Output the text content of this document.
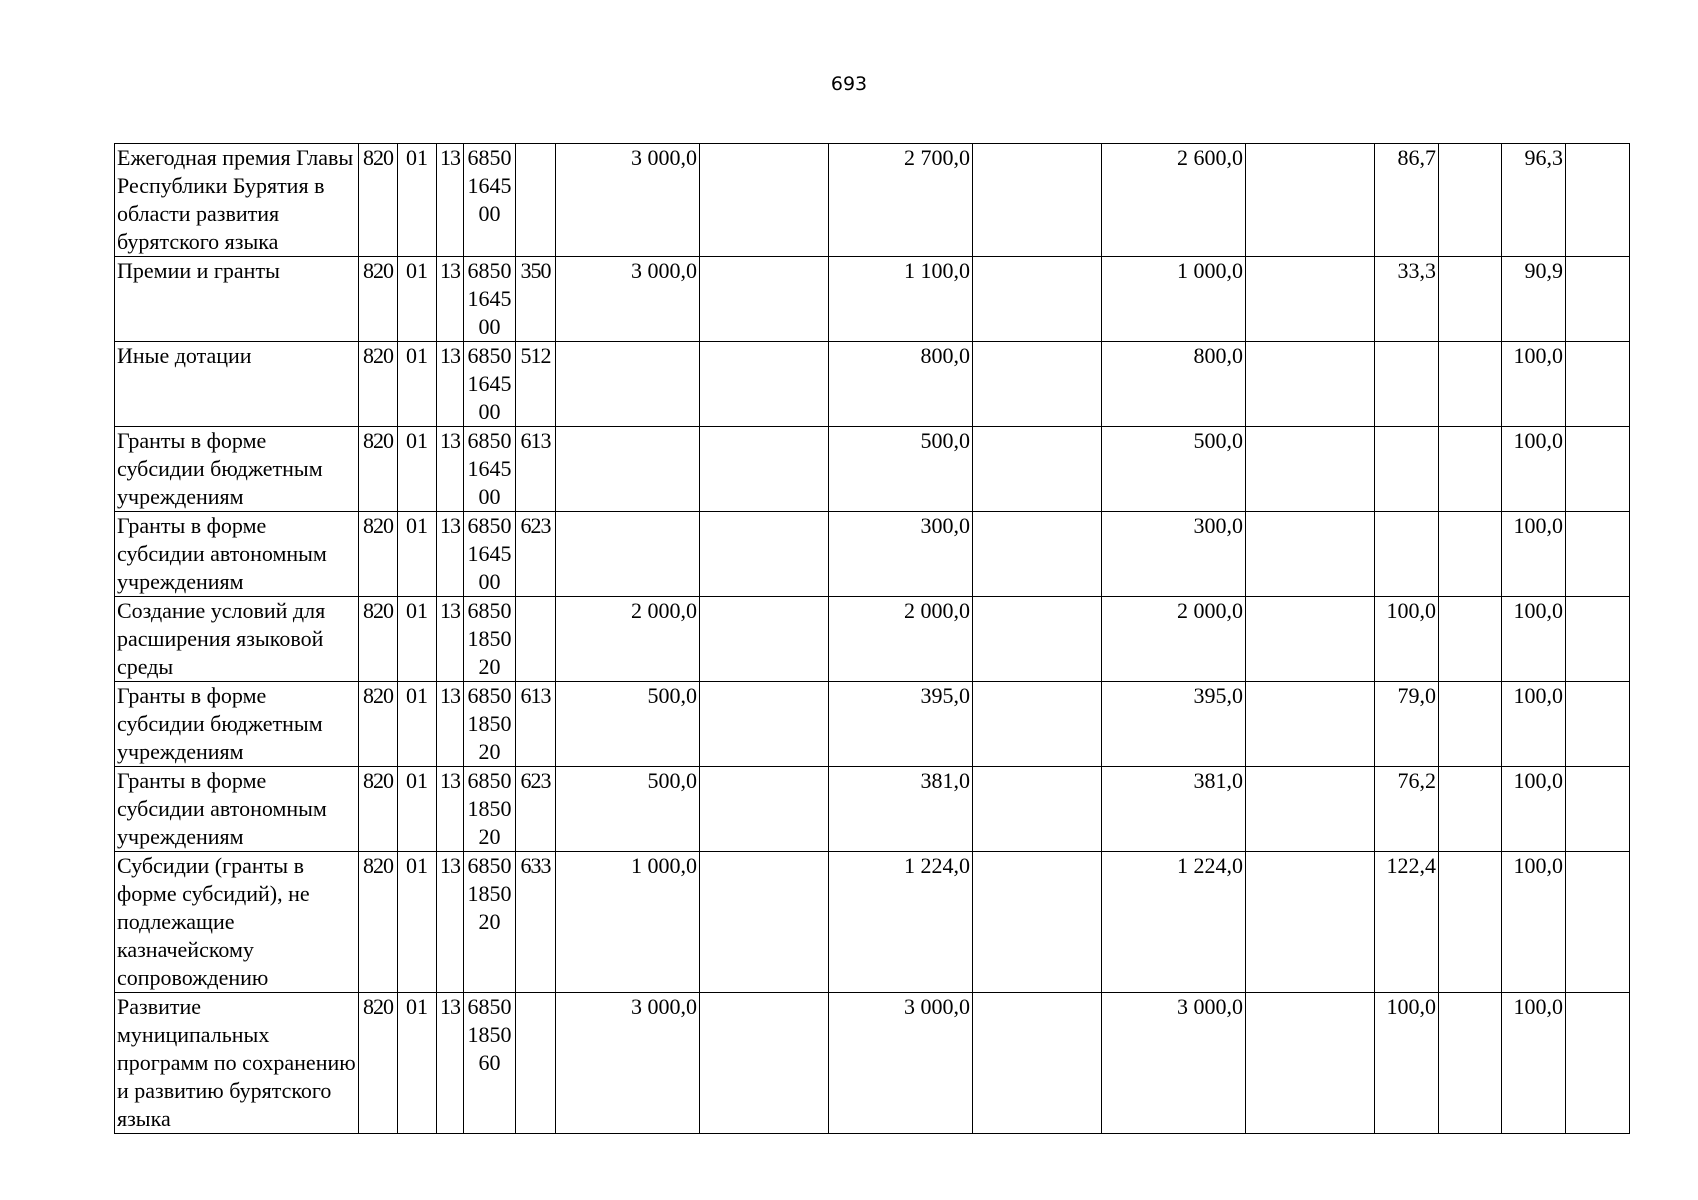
693
Ежегодная премия Главы Республики Бурятия в области развития бурятского языка	820	01	13	6850164500		3 000,0		2 700,0		2 600,0		86,7		96,3	
Премии и гранты	820	01	13	6850164500	350	3 000,0		1 100,0		1 000,0		33,3		90,9	
Иные дотации	820	01	13	6850164500	512			800,0		800,0				100,0	
Гранты в форме субсидии бюджетным учреждениям	820	01	13	6850164500	613			500,0		500,0				100,0	
Гранты в форме субсидии автономным учреждениям	820	01	13	6850164500	623			300,0		300,0				100,0	
Создание условий для расширения языковой среды	820	01	13	6850185020		2 000,0		2 000,0		2 000,0		100,0		100,0	
Гранты в форме субсидии бюджетным учреждениям	820	01	13	6850185020	613	500,0		395,0		395,0		79,0		100,0	
Гранты в форме субсидии автономным учреждениям	820	01	13	6850185020	623	500,0		381,0		381,0		76,2		100,0	
Субсидии (гранты в форме субсидий), не подлежащие казначейскому сопровождению	820	01	13	6850185020	633	1 000,0		1 224,0		1 224,0		122,4		100,0	
Развитие муниципальных программ по сохранению и развитию бурятского языка	820	01	13	6850185060		3 000,0		3 000,0		3 000,0		100,0		100,0	
